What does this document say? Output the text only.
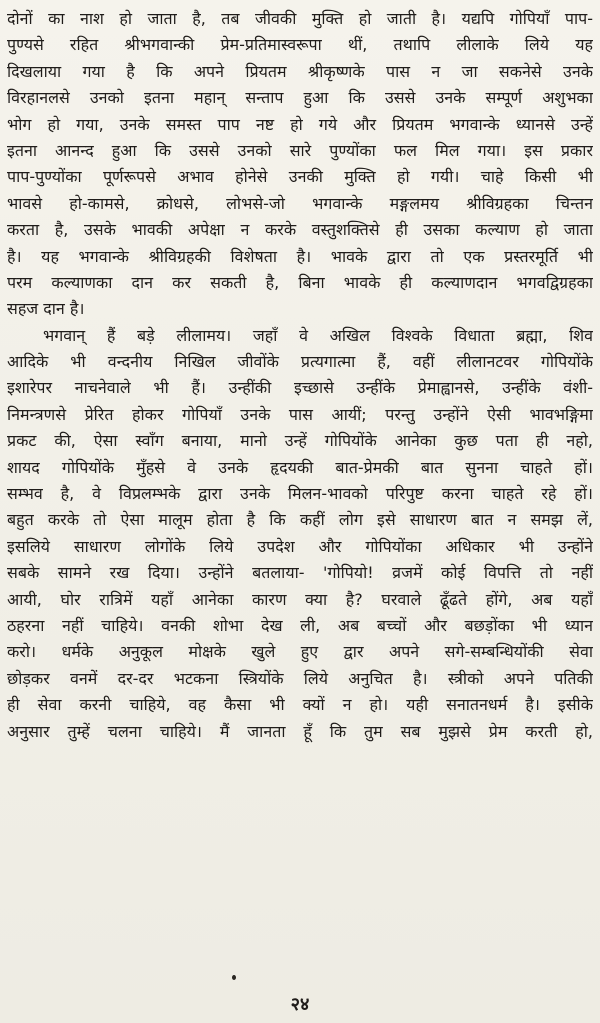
दोनों का नाश हो जाता है, तब जीवकी मुक्ति हो जाती है। यद्यपि गोपियाँ पाप-
पुण्यसे रहित श्रीभगवान्की प्रेम-प्रतिमास्वरूपा थीं, तथापि लीलाके लिये यह
दिखलाया गया है कि अपने प्रियतम श्रीकृष्णके पास न जा सकनेसे उनके
विरहानलसे उनको इतना महान् सन्ताप हुआ कि उससे उनके सम्पूर्ण अशुभका
भोग हो गया, उनके समस्त पाप नष्ट हो गये और प्रियतम भगवान्के ध्यानसे उन्हें
इतना आनन्द हुआ कि उससे उनको सारे पुण्योंका फल मिल गया। इस प्रकार
पाप-पुण्योंका पूर्णरूपसे अभाव होनेसे उनकी मुक्ति हो गयी। चाहे किसी भी
भावसे हो-कामसे, क्रोधसे, लोभसे-जो भगवान्के मङ्गलमय श्रीविग्रहका चिन्तन
करता है, उसके भावकी अपेक्षा न करके वस्तुशक्तिसे ही उसका कल्याण हो जाता
है। यह भगवान्के श्रीविग्रहकी विशेषता है। भावके द्वारा तो एक प्रस्तरमूर्ति भी
परम कल्याणका दान कर सकती है, बिना भावके ही कल्याणदान भगवद्विग्रहका
सहज दान है।
भगवान् हैं बड़े लीलामय। जहाँ वे अखिल विश्वके विधाता ब्रह्मा, शिव
आदिके भी वन्दनीय निखिल जीवोंके प्रत्यगात्मा हैं, वहीं लीलानटवर गोपियोंके
इशारेपर नाचनेवाले भी हैं। उन्हींकी इच्छासे उन्हींके प्रेमाह्वानसे, उन्हींके वंशी-
निमन्त्रणसे प्रेरित होकर गोपियाँ उनके पास आयीं; परन्तु उन्होंने ऐसी भावभङ्गिमा
प्रकट की, ऐसा स्वाँग बनाया, मानो उन्हें गोपियोंके आनेका कुछ पता ही नहो,
शायद गोपियोंके मुँहसे वे उनके हृदयकी बात-प्रेमकी बात सुनना चाहते हों।
सम्भव है, वे विप्रलम्भके द्वारा उनके मिलन-भावको परिपुष्ट करना चाहते रहे हों।
बहुत करके तो ऐसा मालूम होता है कि कहीं लोग इसे साधारण बात न समझ लें,
इसलिये साधारण लोगोंके लिये उपदेश और गोपियोंका अधिकार भी उन्होंने
सबके सामने रख दिया। उन्होंने बतलाया- 'गोपियो! व्रजमें कोई विपत्ति तो नहीं
आयी, घोर रात्रिमें यहाँ आनेका कारण क्या है? घरवाले ढूँढते होंगे, अब यहाँ
ठहरना नहीं चाहिये। वनकी शोभा देख ली, अब बच्चों और बछड़ोंका भी ध्यान
करो। धर्मके अनुकूल मोक्षके खुले हुए द्वार अपने सगे-सम्बन्धियोंकी सेवा
छोड़कर वनमें दर-दर भटकना स्त्रियोंके लिये अनुचित है। स्त्रीको अपने पतिकी
ही सेवा करनी चाहिये, वह कैसा भी क्यों न हो। यही सनातनधर्म है। इसीके
अनुसार तुम्हें चलना चाहिये। मैं जानता हूँ कि तुम सब मुझसे प्रेम करती हो,
२४
